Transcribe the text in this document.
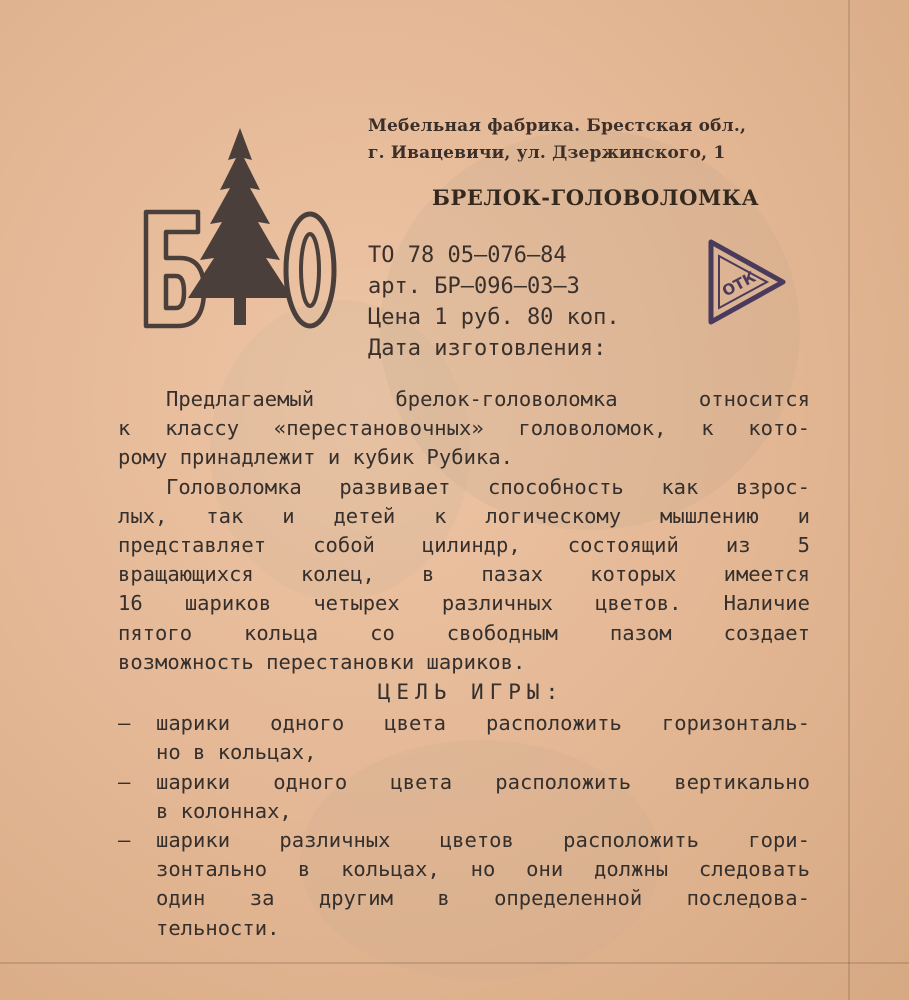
Мебельная фабрика. Брестская обл.,
г. Ивацевичи, ул. Дзержинского, 1
БРЕЛОК-ГОЛОВОЛОМКА
ТО 78 05—076—84
арт. БР—096—03—3
Цена 1 руб. 80 коп.
Дата изготовления:
ОТК
Предлагаемый брелок-головоломка относится
к классу «перестановочных» головоломок, к кото-
рому принадлежит и кубик Рубика.
Головоломка развивает способность как взрос-
лых, так и детей к логическому мышлению и
представляет собой цилиндр, состоящий из 5
вращающихся колец, в пазах которых имеется
16 шариков четырех различных цветов. Наличие
пятого кольца со свободным пазом создает
возможность перестановки шариков.
ЦЕЛЬ ИГРЫ:
—	шарики одного цвета расположить горизонталь-
но в кольцах,
—	шарики одного цвета расположить вертикально
в колоннах,
—	шарики различных цветов расположить гори-
зонтально в кольцах, но они должны следовать
один за другим в определенной последова-
тельности.
